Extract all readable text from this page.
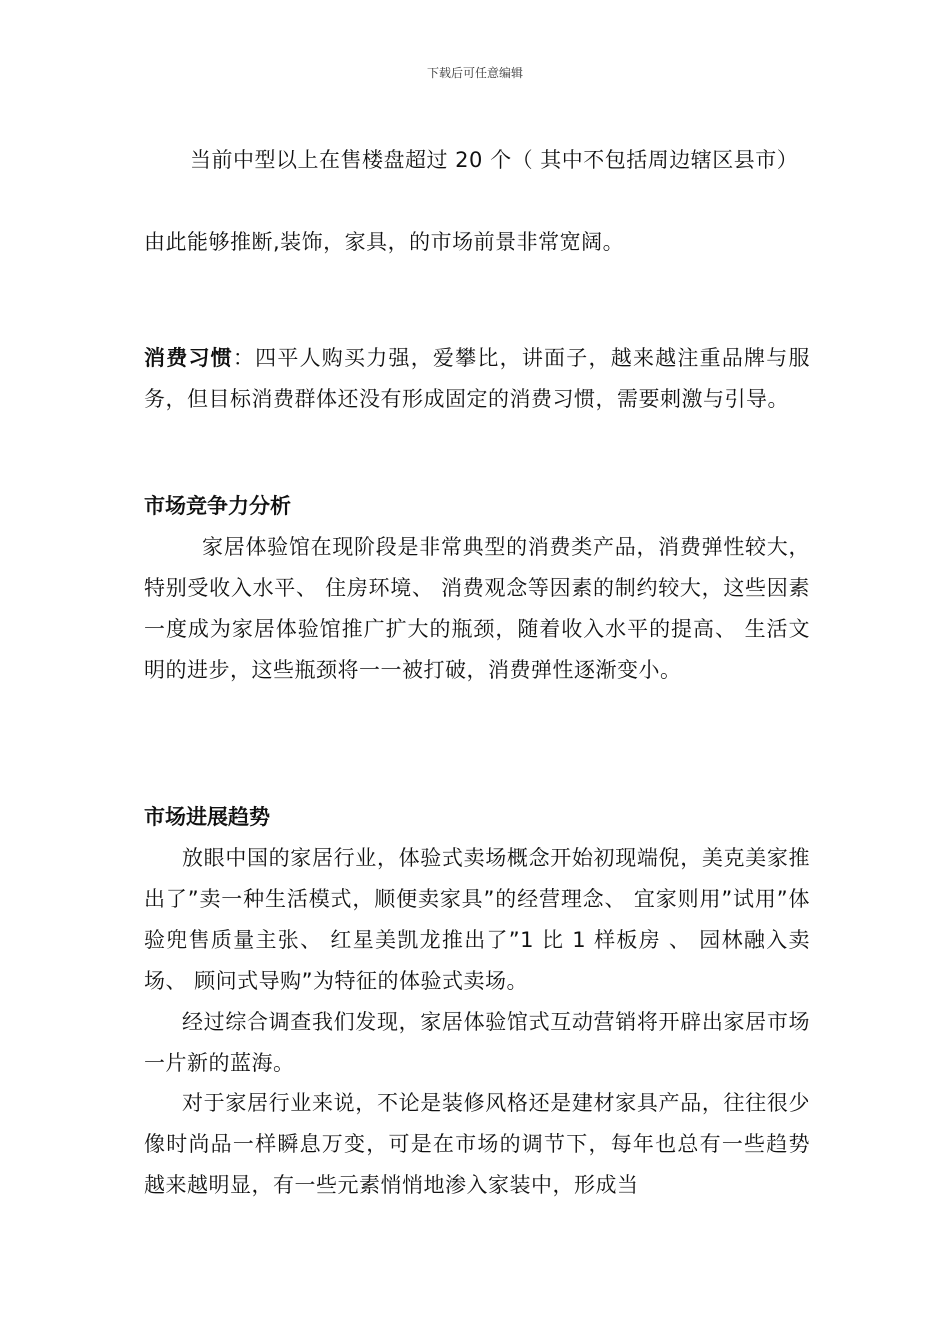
下载后可任意编辑

当前中型以上在售楼盘超过 20 个（ 其中不包括周边辖区县市）

由此能够推断,装饰，家具，的市场前景非常宽阔。

消费习惯：四平人购买力强，爱攀比，讲面子，越来越注重品牌与服务，但目标消费群体还没有形成固定的消费习惯，需要刺激与引导。

市场竞争力分析

家居体验馆在现阶段是非常典型的消费类产品，消费弹性较大，特别受收入水平、 住房环境、 消费观念等因素的制约较大，这些因素一度成为家居体验馆推广扩大的瓶颈，随着收入水平的提高、 生活文明的进步，这些瓶颈将一一被打破，消费弹性逐渐变小。

市场进展趋势

放眼中国的家居行业，体验式卖场概念开始初现端倪，美克美家推出了”卖一种生活模式，顺便卖家具”的经营理念、 宜家则用”试用”体验兜售质量主张、 红星美凯龙推出了”1 比 1 样板房 、 园林融入卖场、 顾问式导购”为特征的体验式卖场。

经过综合调查我们发现，家居体验馆式互动营销将开辟出家居市场一片新的蓝海。

对于家居行业来说，不论是装修风格还是建材家具产品，往往很少像时尚品一样瞬息万变，可是在市场的调节下，每年也总有一些趋势越来越明显，有一些元素悄悄地渗入家装中，形成当
